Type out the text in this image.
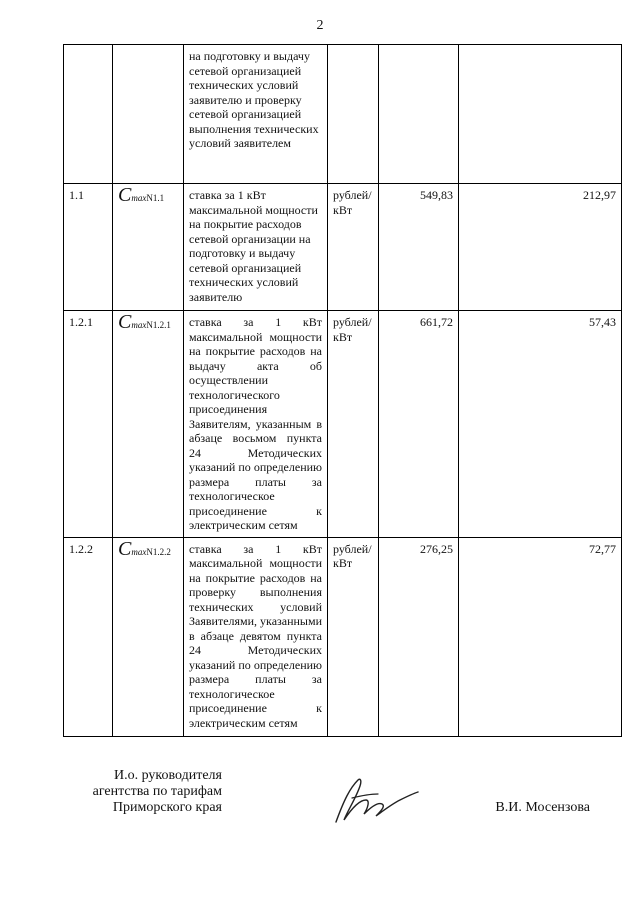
2
		на подготовку и выдачу сетевой организацией технических условий заявителю и проверку сетевой организацией выполнения технических условий заявителем			
1.1	CmaxN1.1	ставка за 1 кВт максимальной мощности на покрытие расходов сетевой организации на подготовку и выдачу сетевой организацией технических условий заявителю	рублей/ кВт	549,83	212,97
1.2.1	CmaxN1.2.1	ставка за 1 кВт максимальной мощности на покрытие расходов на выдачу акта об осуществлении технологического присоединения Заявителям, указанным в абзаце восьмом пункта 24 Методических указаний по определению размера платы за технологическое присоединение к электрическим сетям	рублей/ кВт	661,72	57,43
1.2.2	CmaxN1.2.2	ставка за 1 кВт максимальной мощности на покрытие расходов на проверку выполнения технических условий Заявителями, указанными в абзаце девятом пункта 24 Методических указаний по определению размера платы за технологическое присоединение к электрическим сетям	рублей/ кВт	276,25	72,77
И.о. руководителя
агентства по тарифам
Приморского края	В.И. Мосензова
